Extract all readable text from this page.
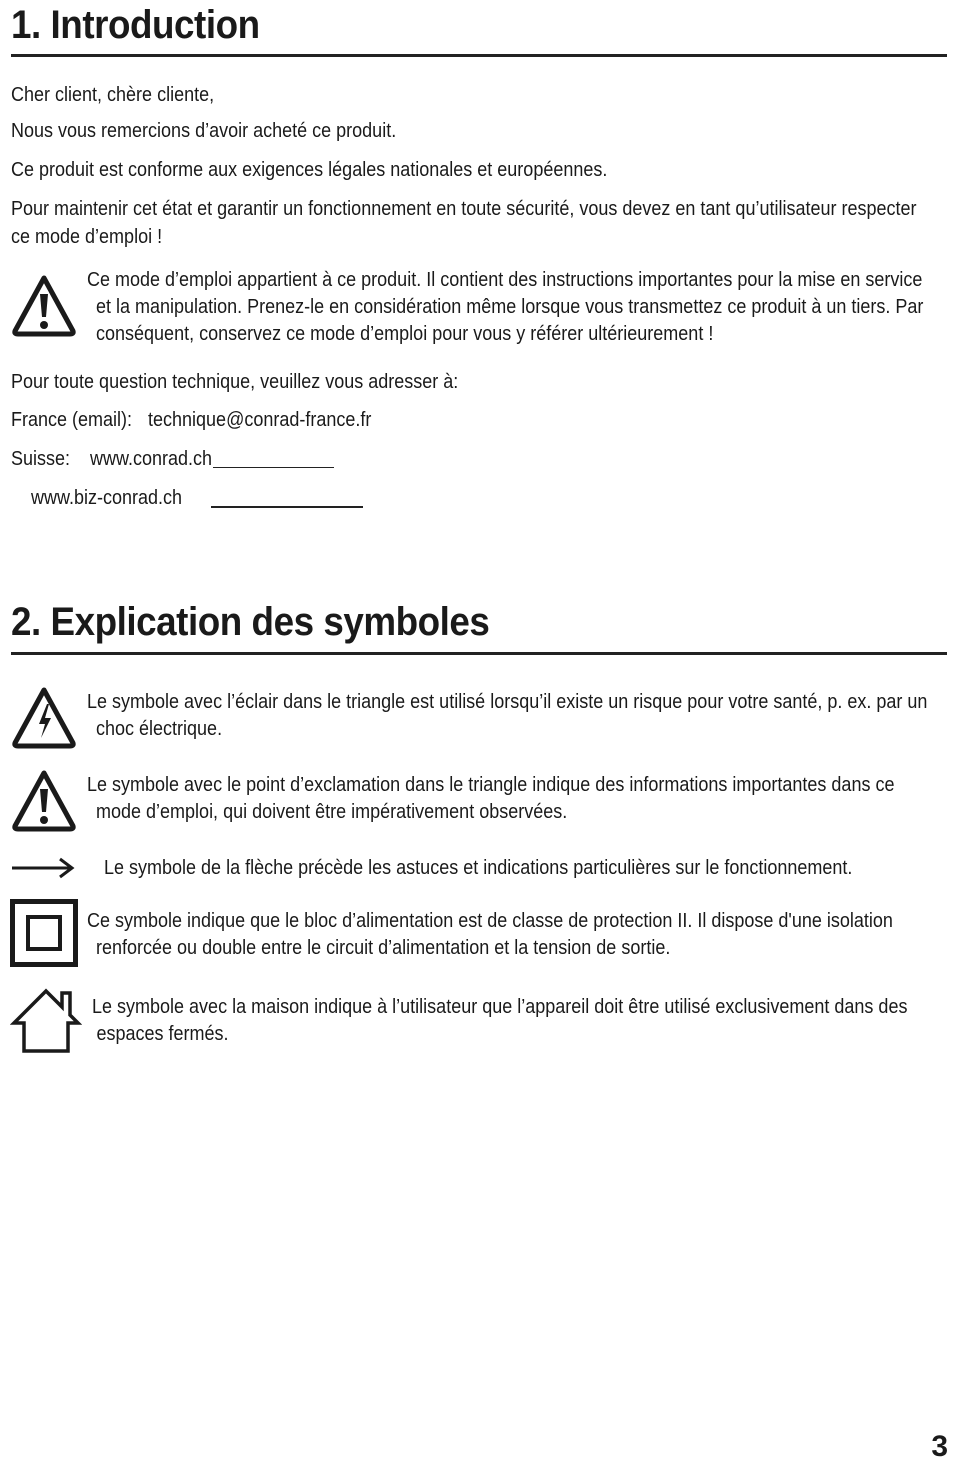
1. Introduction
Cher client, chère cliente,
Nous vous remercions d’avoir acheté ce produit.
Ce produit est conforme aux exigences légales nationales et européennes.
Pour maintenir cet état et garantir un fonctionnement en toute sécurité, vous devez en tant qu’utilisateur respecter
ce mode d’emploi !
Ce mode d’emploi appartient à ce produit. Il contient des instructions importantes pour la mise en service
et la manipulation. Prenez-le en considération même lorsque vous transmettez ce produit à un tiers. Par
conséquent, conservez ce mode d’emploi pour vous y référer ultérieurement !
Pour toute question technique, veuillez vous adresser à:
France (email): technique@conrad-france.fr
Suisse: www.conrad.ch
www.biz-conrad.ch
2. Explication des symboles
Le symbole avec l’éclair dans le triangle est utilisé lorsqu’il existe un risque pour votre santé, p. ex. par un
choc électrique.
Le symbole avec le point d’exclamation dans le triangle indique des informations importantes dans ce
mode d’emploi, qui doivent être impérativement observées.
Le symbole de la flèche précède les astuces et indications particulières sur le fonctionnement.
Ce symbole indique que le bloc d’alimentation est de classe de protection II. Il dispose d'une isolation
renforcée ou double entre le circuit d’alimentation et la tension de sortie.
Le symbole avec la maison indique à l’utilisateur que l’appareil doit être utilisé exclusivement dans des
espaces fermés.
3
